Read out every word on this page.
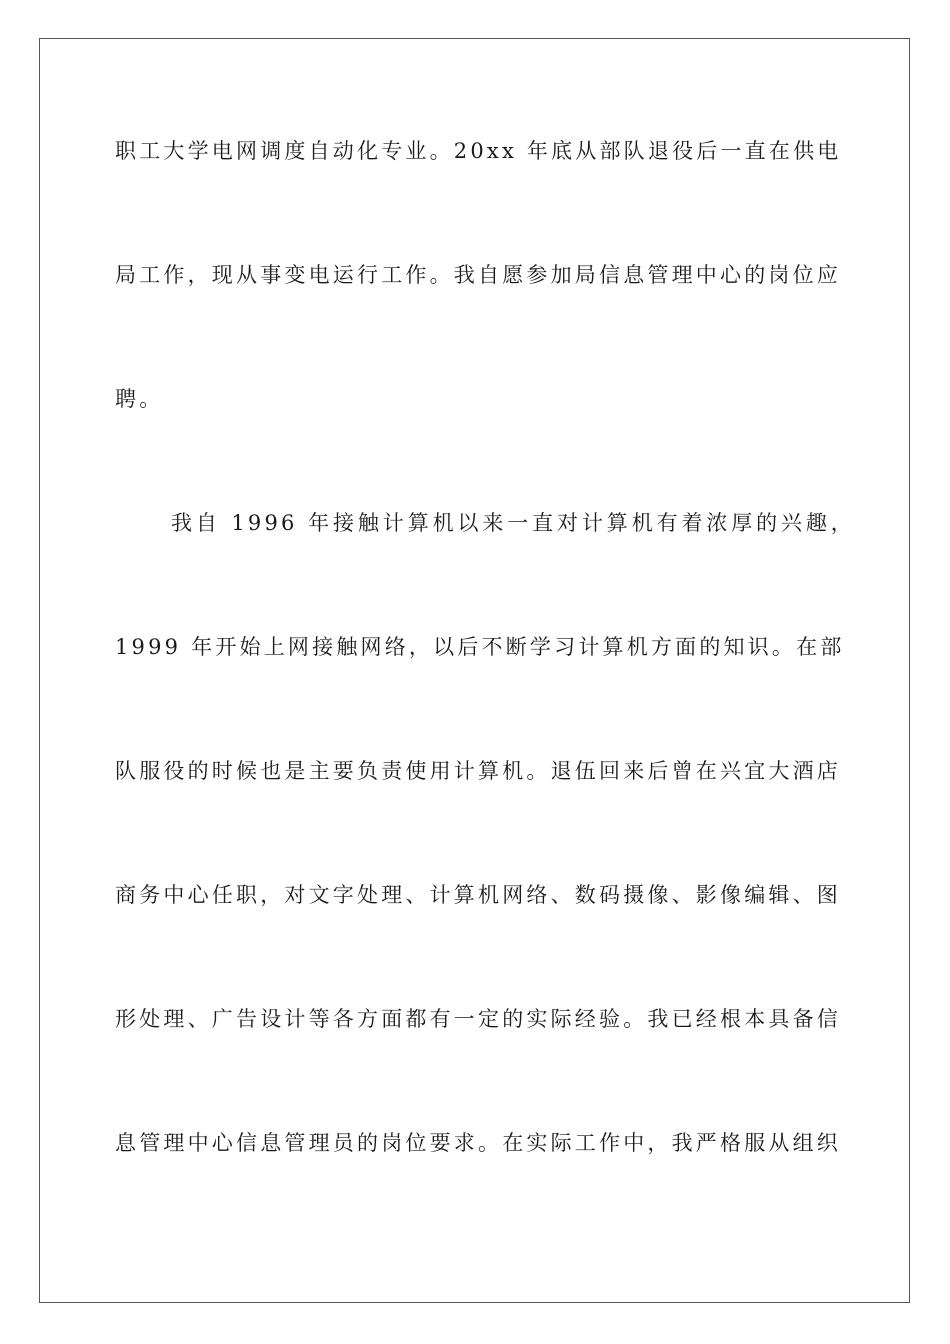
职工大学电网调度自动化专业。20xx 年底从部队退役后一直在供电
局工作，现从事变电运行工作。我自愿参加局信息管理中心的岗位应
聘。
我自 1996 年接触计算机以来一直对计算机有着浓厚的兴趣，
1999 年开始上网接触网络，以后不断学习计算机方面的知识。在部
队服役的时候也是主要负责使用计算机。退伍回来后曾在兴宜大酒店
商务中心任职，对文字处理、计算机网络、数码摄像、影像编辑、图
形处理、广告设计等各方面都有一定的实际经验。我已经根本具备信
息管理中心信息管理员的岗位要求。在实际工作中，我严格服从组织
